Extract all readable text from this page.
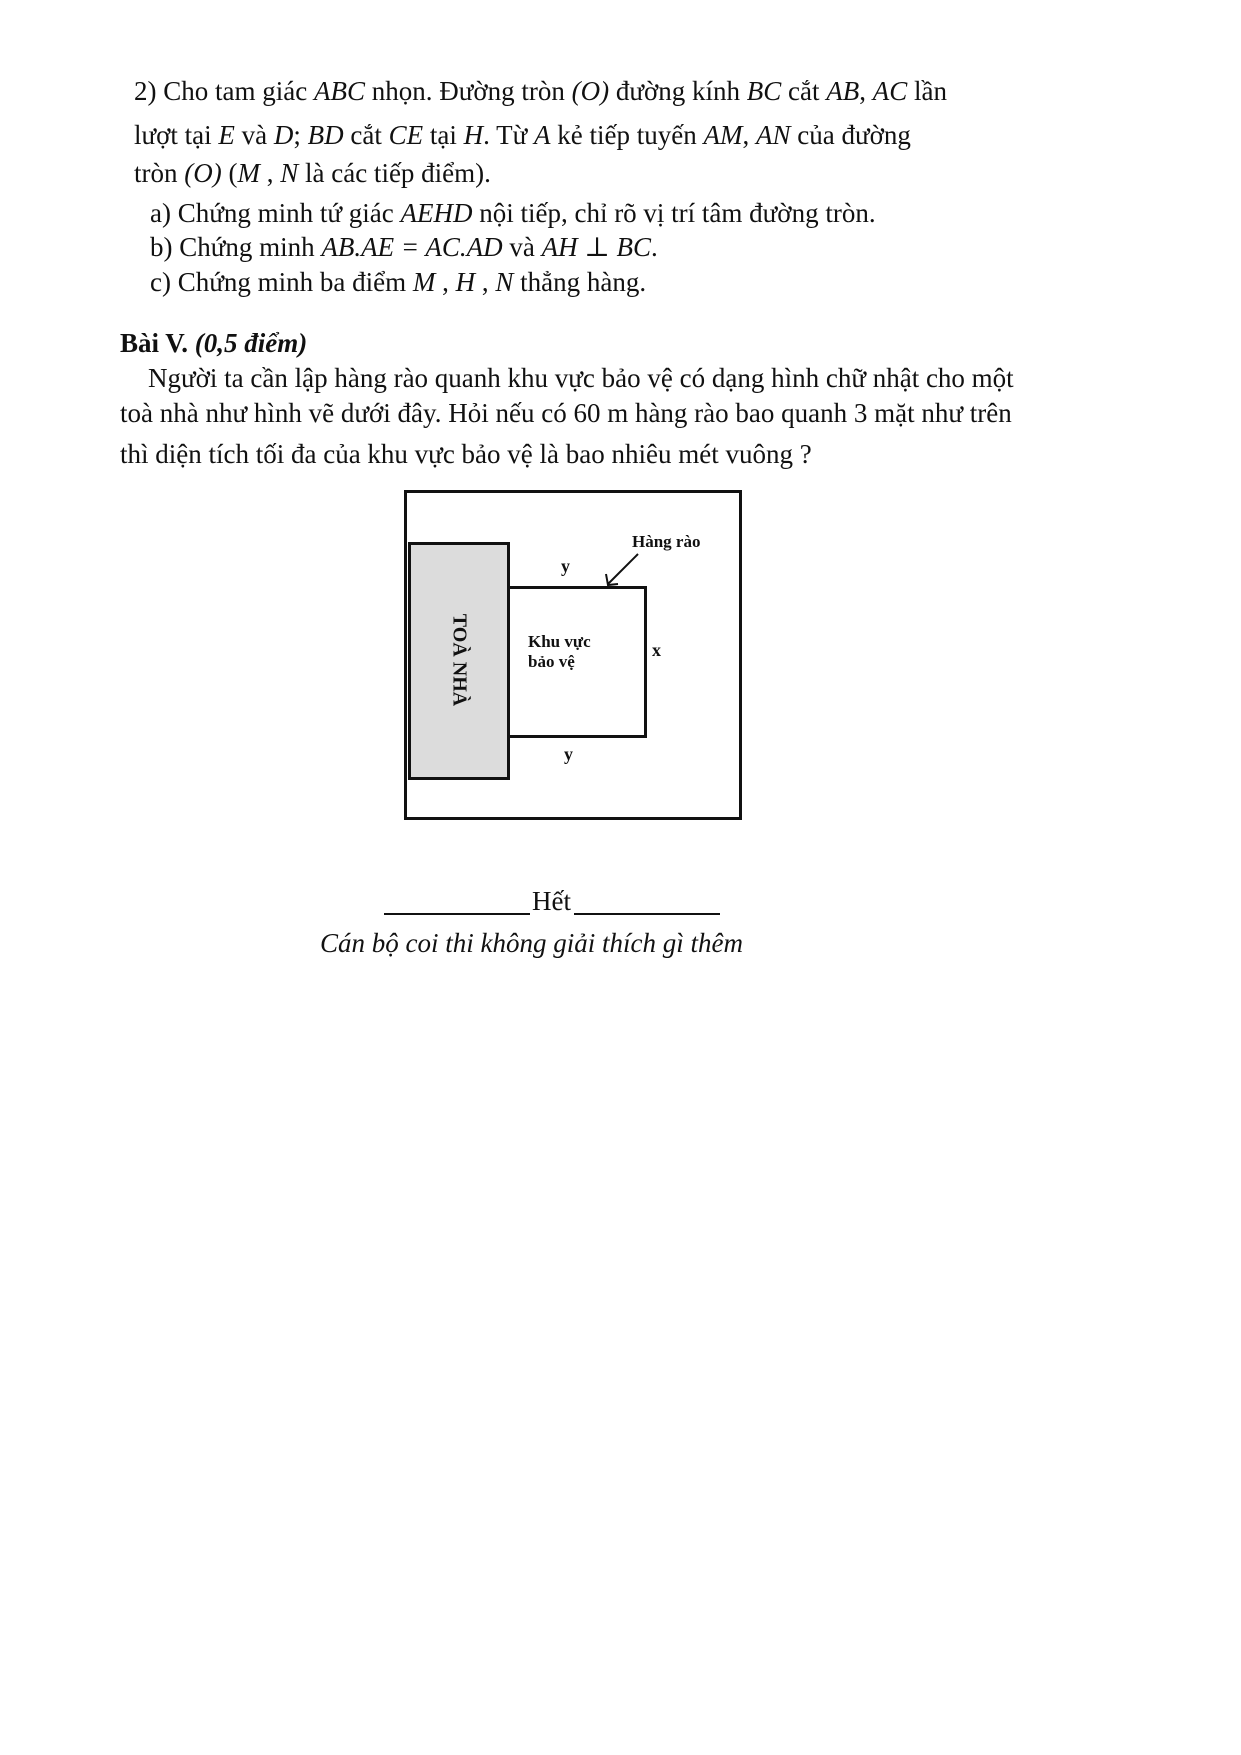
2) Cho tam giác ABC nhọn. Đường tròn (O) đường kính BC cắt AB, AC lần
lượt tại E và D; BD cắt CE tại H. Từ A kẻ tiếp tuyến AM, AN của đường
tròn (O) (M , N là các tiếp điểm).
a) Chứng minh tứ giác AEHD nội tiếp, chỉ rõ vị trí tâm đường tròn.
b) Chứng minh AB.AE = AC.AD và AH ⊥ BC.
c) Chứng minh ba điểm M , H , N thẳng hàng.
Bài V. (0,5 điểm)
Người ta cần lập hàng rào quanh khu vực bảo vệ có dạng hình chữ nhật cho một
toà nhà như hình vẽ dưới đây. Hỏi nếu có 60 m hàng rào bao quanh 3 mặt như trên
thì diện tích tối đa của khu vực bảo vệ là bao nhiêu mét vuông ?
TOÀ NHÀ	Khu vực
bảo vệ
Hàng rào
y
x
y
Hết
Cán bộ coi thi không giải thích gì thêm
